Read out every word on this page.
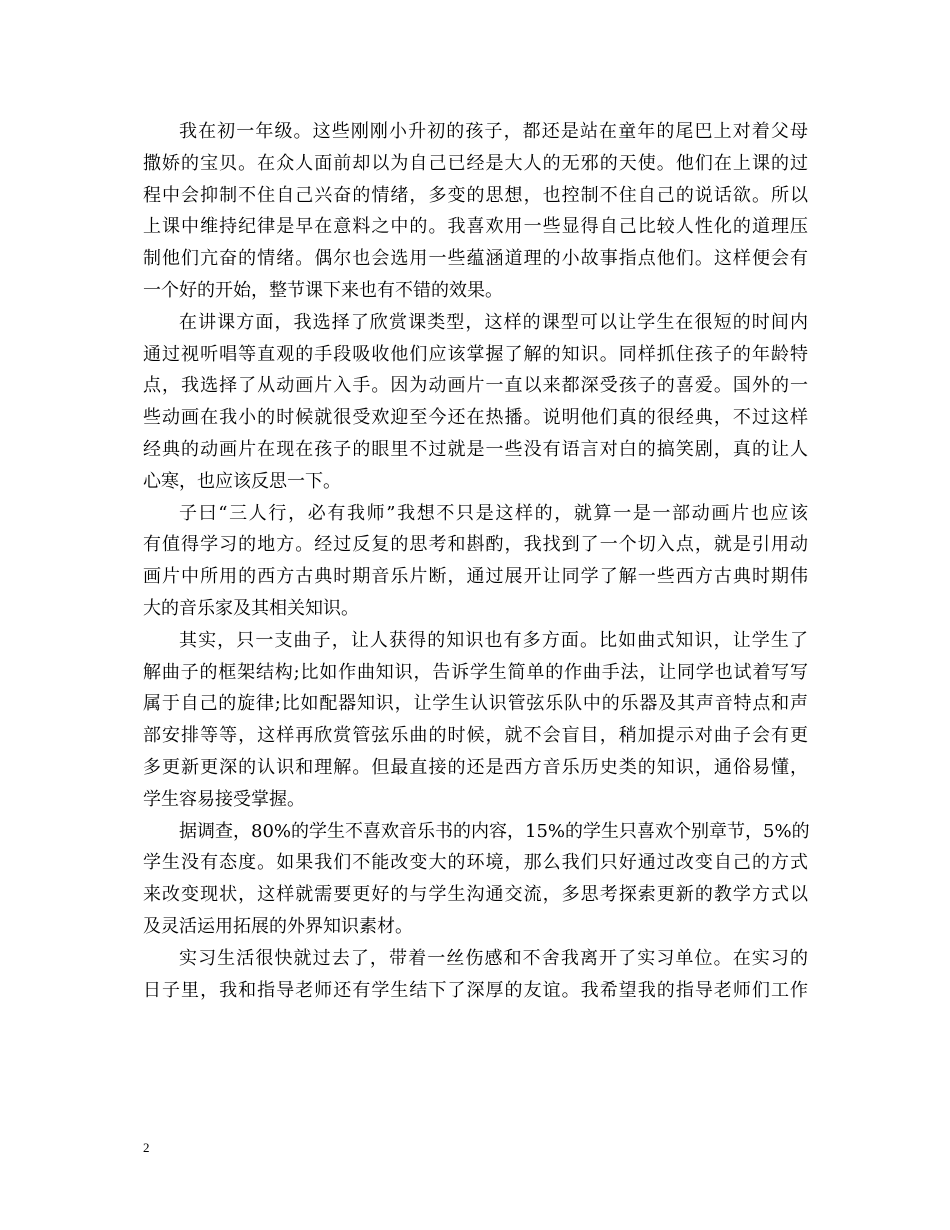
我在初一年级。这些刚刚小升初的孩子，都还是站在童年的尾巴上对着父母
撒娇的宝贝。在众人面前却以为自己已经是大人的无邪的天使。他们在上课的过
程中会抑制不住自己兴奋的情绪，多变的思想，也控制不住自己的说话欲。所以
上课中维持纪律是早在意料之中的。我喜欢用一些显得自己比较人性化的道理压
制他们亢奋的情绪。偶尔也会选用一些蕴涵道理的小故事指点他们。这样便会有
一个好的开始，整节课下来也有不错的效果。
在讲课方面，我选择了欣赏课类型，这样的课型可以让学生在很短的时间内
通过视听唱等直观的手段吸收他们应该掌握了解的知识。同样抓住孩子的年龄特
点，我选择了从动画片入手。因为动画片一直以来都深受孩子的喜爱。国外的一
些动画在我小的时候就很受欢迎至今还在热播。说明他们真的很经典，不过这样
经典的动画片在现在孩子的眼里不过就是一些没有语言对白的搞笑剧，真的让人
心寒，也应该反思一下。
子曰“三人行，必有我师”我想不只是这样的，就算一是一部动画片也应该
有值得学习的地方。经过反复的思考和斟酌，我找到了一个切入点，就是引用动
画片中所用的西方古典时期音乐片断，通过展开让同学了解一些西方古典时期伟
大的音乐家及其相关知识。
其实，只一支曲子，让人获得的知识也有多方面。比如曲式知识，让学生了
解曲子的框架结构;比如作曲知识，告诉学生简单的作曲手法，让同学也试着写写
属于自己的旋律;比如配器知识，让学生认识管弦乐队中的乐器及其声音特点和声
部安排等等，这样再欣赏管弦乐曲的时候，就不会盲目，稍加提示对曲子会有更
多更新更深的认识和理解。但最直接的还是西方音乐历史类的知识，通俗易懂，
学生容易接受掌握。
据调查，80%的学生不喜欢音乐书的内容，15%的学生只喜欢个别章节，5%的
学生没有态度。如果我们不能改变大的环境，那么我们只好通过改变自己的方式
来改变现状，这样就需要更好的与学生沟通交流，多思考探索更新的教学方式以
及灵活运用拓展的外界知识素材。
实习生活很快就过去了，带着一丝伤感和不舍我离开了实习单位。在实习的
日子里，我和指导老师还有学生结下了深厚的友谊。我希望我的指导老师们工作
2
